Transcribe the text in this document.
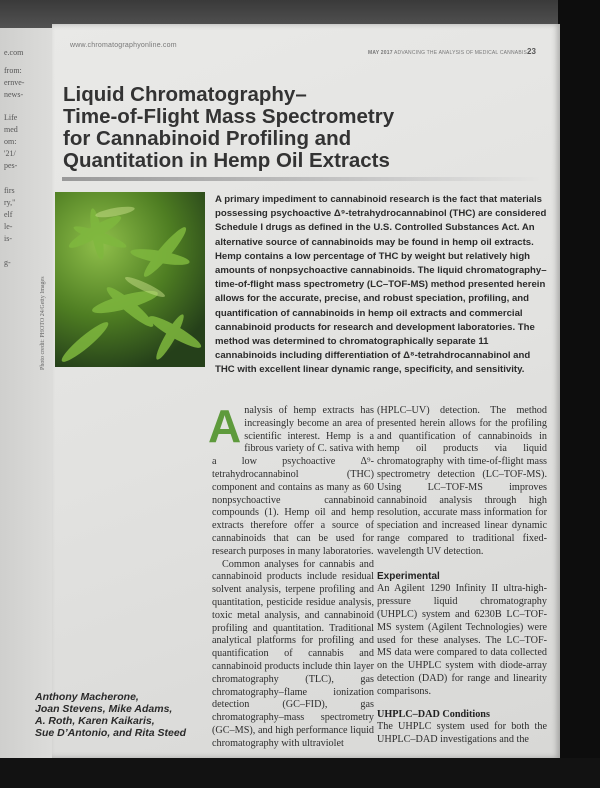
e.com
from:
ernve-
news-
Life
med
om:
'21/
pes-
firs
ry,"
elf
le-
is-
g-
www.chromatographyonline.com
MAY 2017 ADVANCING THE ANALYSIS OF MEDICAL CANNABIS 23
Liquid Chromatography–
Time-of-Flight Mass Spectrometry
for Cannabinoid Profiling and
Quantitation in Hemp Oil Extracts
Photo credit: PHOTO 24/Getty Images

A primary impediment to cannabinoid research is the fact that materials possessing psychoactive Δ⁹-tetrahydrocannabinol (THC) are considered Schedule I drugs as defined in the U.S. Controlled Substances Act. An alternative source of cannabinoids may be found in hemp oil extracts. Hemp contains a low percentage of THC by weight but relatively high amounts of nonpsychoactive cannabinoids. The liquid chromatography–time-of-flight mass spectrometry (LC–TOF-MS) method presented herein allows for the accurate, precise, and robust speciation, profiling, and quantification of cannabinoids in hemp oil extracts and commercial cannabinoid products for research and development laboratories. The method was determined to chromatographically separate 11 cannabinoids including differentiation of Δ⁸-tetrahdrocannabinol and THC with excellent linear dynamic range, specificity, and sensitivity.

Analysis of hemp extracts has increasingly become an area of scientific interest. Hemp is a fibrous variety of C. sativa with a low psychoactive Δ⁹-tetrahydrocannabinol (THC) component and contains as many as 60 nonpsychoactive cannabinoid compounds (1). Hemp oil and hemp extracts therefore offer a source of cannabinoids that can be used for research purposes in many laboratories.

Common analyses for cannabis and cannabinoid products include residual solvent analysis, terpene profiling and quantitation, pesticide residue analysis, toxic metal analysis, and cannabinoid profiling and quantitation. Traditional analytical platforms for profiling and quantification of cannabis and cannabinoid products include thin layer chromatography (TLC), gas chromatography–flame ionization detection (GC–FID), gas chromatography–mass spectrometry (GC–MS), and high performance liquid chromatography with ultraviolet

(HPLC–UV) detection. The method presented herein allows for the profiling and quantification of cannabinoids in hemp oil products via liquid chromatography with time-of-flight mass spectrometry detection (LC–TOF-MS). Using LC–TOF-MS improves cannabinoid analysis through high resolution, accurate mass information for speciation and increased linear dynamic range compared to traditional fixed-wavelength UV detection.

Experimental

An Agilent 1290 Infinity II ultra-high-pressure liquid chromatography (UHPLC) system and 6230B LC–TOF-MS system (Agilent Technologies) were used for these analyses. The LC–TOF-MS data were compared to data collected on the UHPLC system with diode-array detection (DAD) for range and linearity comparisons.

UHPLC–DAD Conditions

The UHPLC system used for both the UHPLC–DAD investigations and the

Anthony Macherone,
Joan Stevens, Mike Adams,
A. Roth, Karen Kaikaris,
Sue D’Antonio, and Rita Steed
